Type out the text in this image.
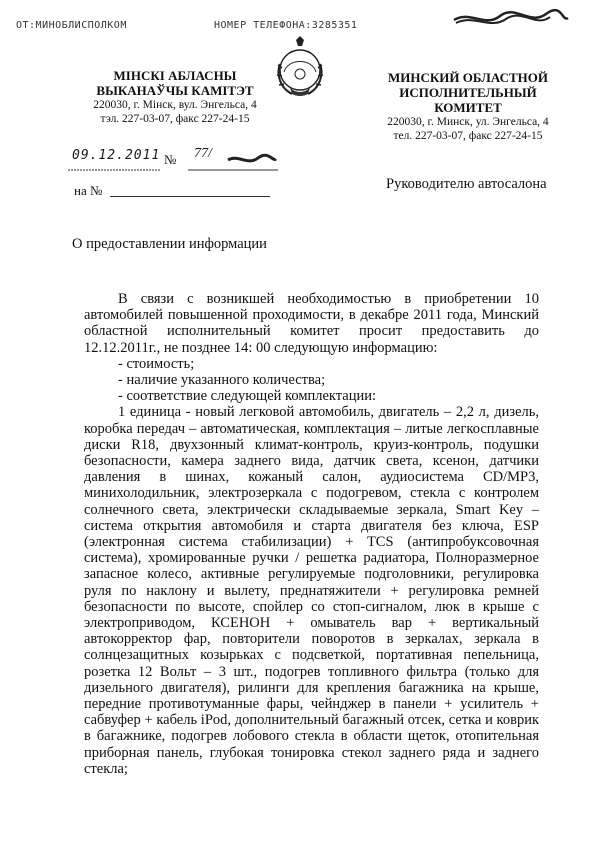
ОТ:МИНОБЛИСПОЛКОМ	НОМЕР ТЕЛЕФОНА:3285351
МІНСКІ АБЛАСНЫ
ВЫКАНАЎЧЫ КАМІТЭТ
220030, г. Мінск, вул. Энгельса, 4
тэл. 227-03-07, факс 227-24-15
МИНСКИЙ ОБЛАСТНОЙ
ИСПОЛНИТЕЛЬНЫЙ КОМИТЕТ
220030, г. Минск, ул. Энгельса, 4
тел. 227-03-07, факс 227-24-15
09.12.2011 № 77/
на №	Руководителю автосалона
О предоставлении информации

В связи с возникшей необходимостью в приобретении 10 автомобилей повышенной проходимости, в декабре 2011 года, Минский областной исполнительный комитет просит предоставить до 12.12.2011г., не позднее 14: 00 следующую информацию:

- стоимость;

- наличие указанного количества;

- соответствие следующей комплектации:

1 единица - новый легковой автомобиль, двигатель – 2,2 л, дизель, коробка передач – автоматическая, комплектация – литые легкосплавные диски R18, двухзонный климат-контроль, круиз-контроль, подушки безопасности, камера заднего вида, датчик света, ксенон, датчики давления в шинах, кожаный салон, аудиосистема CD/MP3, минихолодильник, электрозеркала с подогревом, стекла с контролем солнечного света, электрически складываемые зеркала, Smart Key – система открытия автомобиля и старта двигателя без ключа, ESP (электронная система стабилизации) + TCS (антипробуксовочная система), хромированные ручки / решетка радиатора, Полноразмерное запасное колесо, активные регулируемые подголовники, регулировка руля по наклону и вылету, преднатяжители + регулировка ремней безопасности по высоте, спойлер со стоп-сигналом, люк в крыше с электроприводом, КСЕНОН + омыватель вар + вертикальный автокорректор фар, повторители поворотов в зеркалах, зеркала в солнцезащитных козырьках с подсветкой, портативная пепельница, розетка 12 Вольт – 3 шт., подогрев топливного фильтра (только для дизельного двигателя), рилинги для крепления багажника на крыше, передние противотуманные фары, чейнджер в панели + усилитель + сабвуфер + кабель iPod, дополнительный багажный отсек, сетка и коврик в багажнике, подогрев лобового стекла в области щеток, отопительная приборная панель, глубокая тонировка стекол заднего ряда и заднего стекла;
